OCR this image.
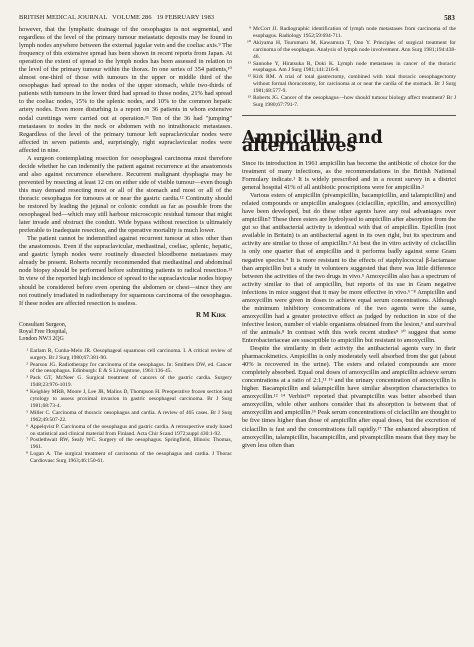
BRITISH MEDICAL JOURNAL VOLUME 286 19 FEBRUARY 1983	583

however, that the lymphatic drainage of the oesophagus is not segmental, and regardless of the level of the primary tumour metastatic deposits may be found in lymph nodes anywhere between the external jugular vein and the coeliac axis.⁹ The frequency of this extensive spread has been shown in recent reports from Japan. At operation the extent of spread to the lymph nodes has been assessed in relation to the level of the primary tumour within the thorax. In one series of 354 patients,¹⁰ almost one-third of those with tumours in the upper or middle third of the oesophagus had spread to the nodes of the upper stomach, while two-thirds of patients with tumours in the lower third had spread to those nodes, 21% had spread to the coeliac nodes, 15% to the splenic nodes, and 10% to the common hepatic artery nodes. Even more disturbing is a report on 36 patients in whom extensive nodal curettings were carried out at operation.¹¹ Ten of the 36 had "jumping" metastases to nodes in the neck or abdomen with no intrathoracic metastases. Regardless of the level of the primary tumour left supraclavicular nodes were affected in seven patients and, surprisingly, right supraclavicular nodes were affected in nine.

A surgeon contemplating resection for oesophageal carcinoma must therefore decide whether he can indemnify the patient against recurrence at the anastomosis and also against recurrence elsewhere. Recurrent malignant dysphagia may be prevented by resecting at least 12 cm on either side of visible tumour—even though this may demand resecting most or all of the stomach and most or all of the thoracic oesophagus for tumours at or near the gastric cardia.¹² Continuity should be restored by leading the jejunal or colonic conduit as far as possible from the oesophageal bed—which may still harbour microscopic residual tumour that might later invade and obstruct the conduit. Wide bypass without resection is ultimately preferable to inadequate resection, and the operative mortality is much lower.

The patient cannot be indemnified against recurrent tumour at sites other than the anastomosis. Even if the supraclavicular, mediastinal, coeliac, splenic, hepatic, and gastric lymph nodes were routinely dissected bloodborne metastases may already be present. Roberts recently recommended that mediastinal and abdominal node biopsy should be performed before submitting patients to radical resection.¹³ In view of the reported high incidence of spread to the supraclavicular nodes biopsy should be considered before even opening the abdomen or chest—since they are not routinely irradiated in radiotherapy for squamous carcinoma of the oesophagus. If these nodes are affected resection is useless.

R M Kirk
Consultant Surgeon,
Royal Free Hospital,
London NW3 2QG
¹ Earlam R, Cunha-Melo JR. Oesophageal squamous cell carcinoma. I. A critical review of surgery. Br J Surg 1980;67:381-90.
² Pearson JG. Radiotherapy for carcinoma of the oesophagus. In: Smithers DW, ed. Cancer of the oesophagus. Edinburgh: E & S Livingstone, 1961:136-45.
³ Pack GT, McNeer G. Surgical treatment of cancers of the gastric cardia. Surgery 1948;23:976-1019.
⁴ Keighley MRB, Moore J, Lee JR, Malins D, Thompson H. Preoperative frozen section and cytology to assess proximal invasion in gastric oesophageal carcinoma. Br J Surg 1981;68:73-4.
⁵ Miller C. Carcinoma of thoracic oesophagus and cardia. A review of 405 cases. Br J Surg 1962;49:507-22.
⁶ Appelqvist P. Carcinoma of the oesophagus and gastric cardia. A retrospective study based on statistical and clinical material from Finland. Acta Chir Scand 1972;suppl 430:1-92.
⁷ Postlethwait RW, Sealy WC. Surgery of the oesophagus. Springfield, Illinois: Thomas, 1961.
⁸ Logan A. The surgical treatment of carcinoma of the oesophagus and cardia. J Thorac Cardiovasc Surg 1963;46:150-61.
⁹ McCort JJ. Radiographic identification of lymph node metastases from carcinoma of the esophagus. Radiology 1952;59:694-711.
¹⁰ Akiyama H, Tsurumaru M, Kawamura T, Ono Y. Principles of surgical treatment for carcinoma of the esophagus. Analysis of lymph node involvement. Ann Surg 1981;194:438-46.
¹¹ Sannohe Y, Hiratsuka R, Doki K. Lymph node metastases in cancer of the thoracic esophagus. Am J Surg 1981;141:216-8.
¹² Kirk RM. A trial of total gastrectomy, combined with total thoracic oesophagectomy without formal thoracotomy, for carcinoma at or near the cardia of the stomach. Br J Surg 1981;68:577-9.
¹³ Roberts JG. Cancer of the oesophagus—how should tumour biology affect treatment? Br J Surg 1980;67:791-7.
Ampicillin and alternatives

Since its introduction in 1961 ampicillin has become the antibiotic of choice for the treatment of many infections, as the recommendations in the British National Formulary indicate.¹ It is widely prescribed and in a recent survey in a district general hospital 41% of all antibiotic prescriptions were for ampicillin.²

Various esters of ampicillin (pivampicillin, bacampicillin, and talampicillin) and related compounds or ampicillin analogues (ciclacillin, epicillin, and amoxycillin) have been developed, but do these other agents have any real advantages over ampicillin? These three esters are hydrolysed to ampicillin after absorption from the gut so that antibacterial activity is identical with that of ampicillin. Epicillin (not available in Britain) is an antibacterial agent in its own right, but its spectrum and activity are similar to those of ampicillin.³ At best the in vitro activity of ciclacillin is only one quarter that of ampicillin and it performs badly against some Gram negative species.⁴ It is more resistant to the effects of staphylococcal β-lactamase than ampicillin but a study in volunteers suggested that there was little difference between the activities of the two drugs in vivo.⁵ Amoxycillin also has a spectrum of activity similar to that of ampicillin, but reports of its use in Gram negative infections in mice suggest that it may be more effective in vivo.⁶⁻⁸ Ampicillin and amoxycillin were given in doses to achieve equal serum concentrations. Although the minimum inhibitory concentrations of the two agents were the same, amoxycillin had a greater protective effect as judged by reduction in size of the infective lesion, number of viable organisms obtained from the lesion,⁶ and survival of the animals.⁸ In contrast with this work recent studies⁹ ¹⁰ suggest that some Enterobacteriaceae are susceptible to ampicillin but resistant to amoxycillin.

Despite the similarity in their activity the antibacterial agents vary in their pharmacokinetics. Ampicillin is only moderately well absorbed from the gut (about 40% is recovered in the urine). The esters and related compounds are more completely absorbed. Equal oral doses of amoxycillin and ampicillin achieve serum concentrations at a ratio of 2:1,¹¹ ¹⁶ and the urinary concentration of amoxycillin is higher. Bacampicillin and talampicillin have similar absorption characteristics to amoxycillin.¹² ¹⁴ Verbist¹⁵ reported that pivampicillin was better absorbed than amoxycillin, while other authors consider that its absorption is between that of amoxycillin and ampicillin.¹⁶ Peak serum concentrations of ciclacillin are thought to be five times higher than those of ampicillin after equal doses, but the excretion of ciclacillin is fast and the concentrations fall rapidly.¹⁷ The enhanced absorption of amoxycillin, talampicillin, bacampicillin, and pivampicillin means that they may be given less often than
